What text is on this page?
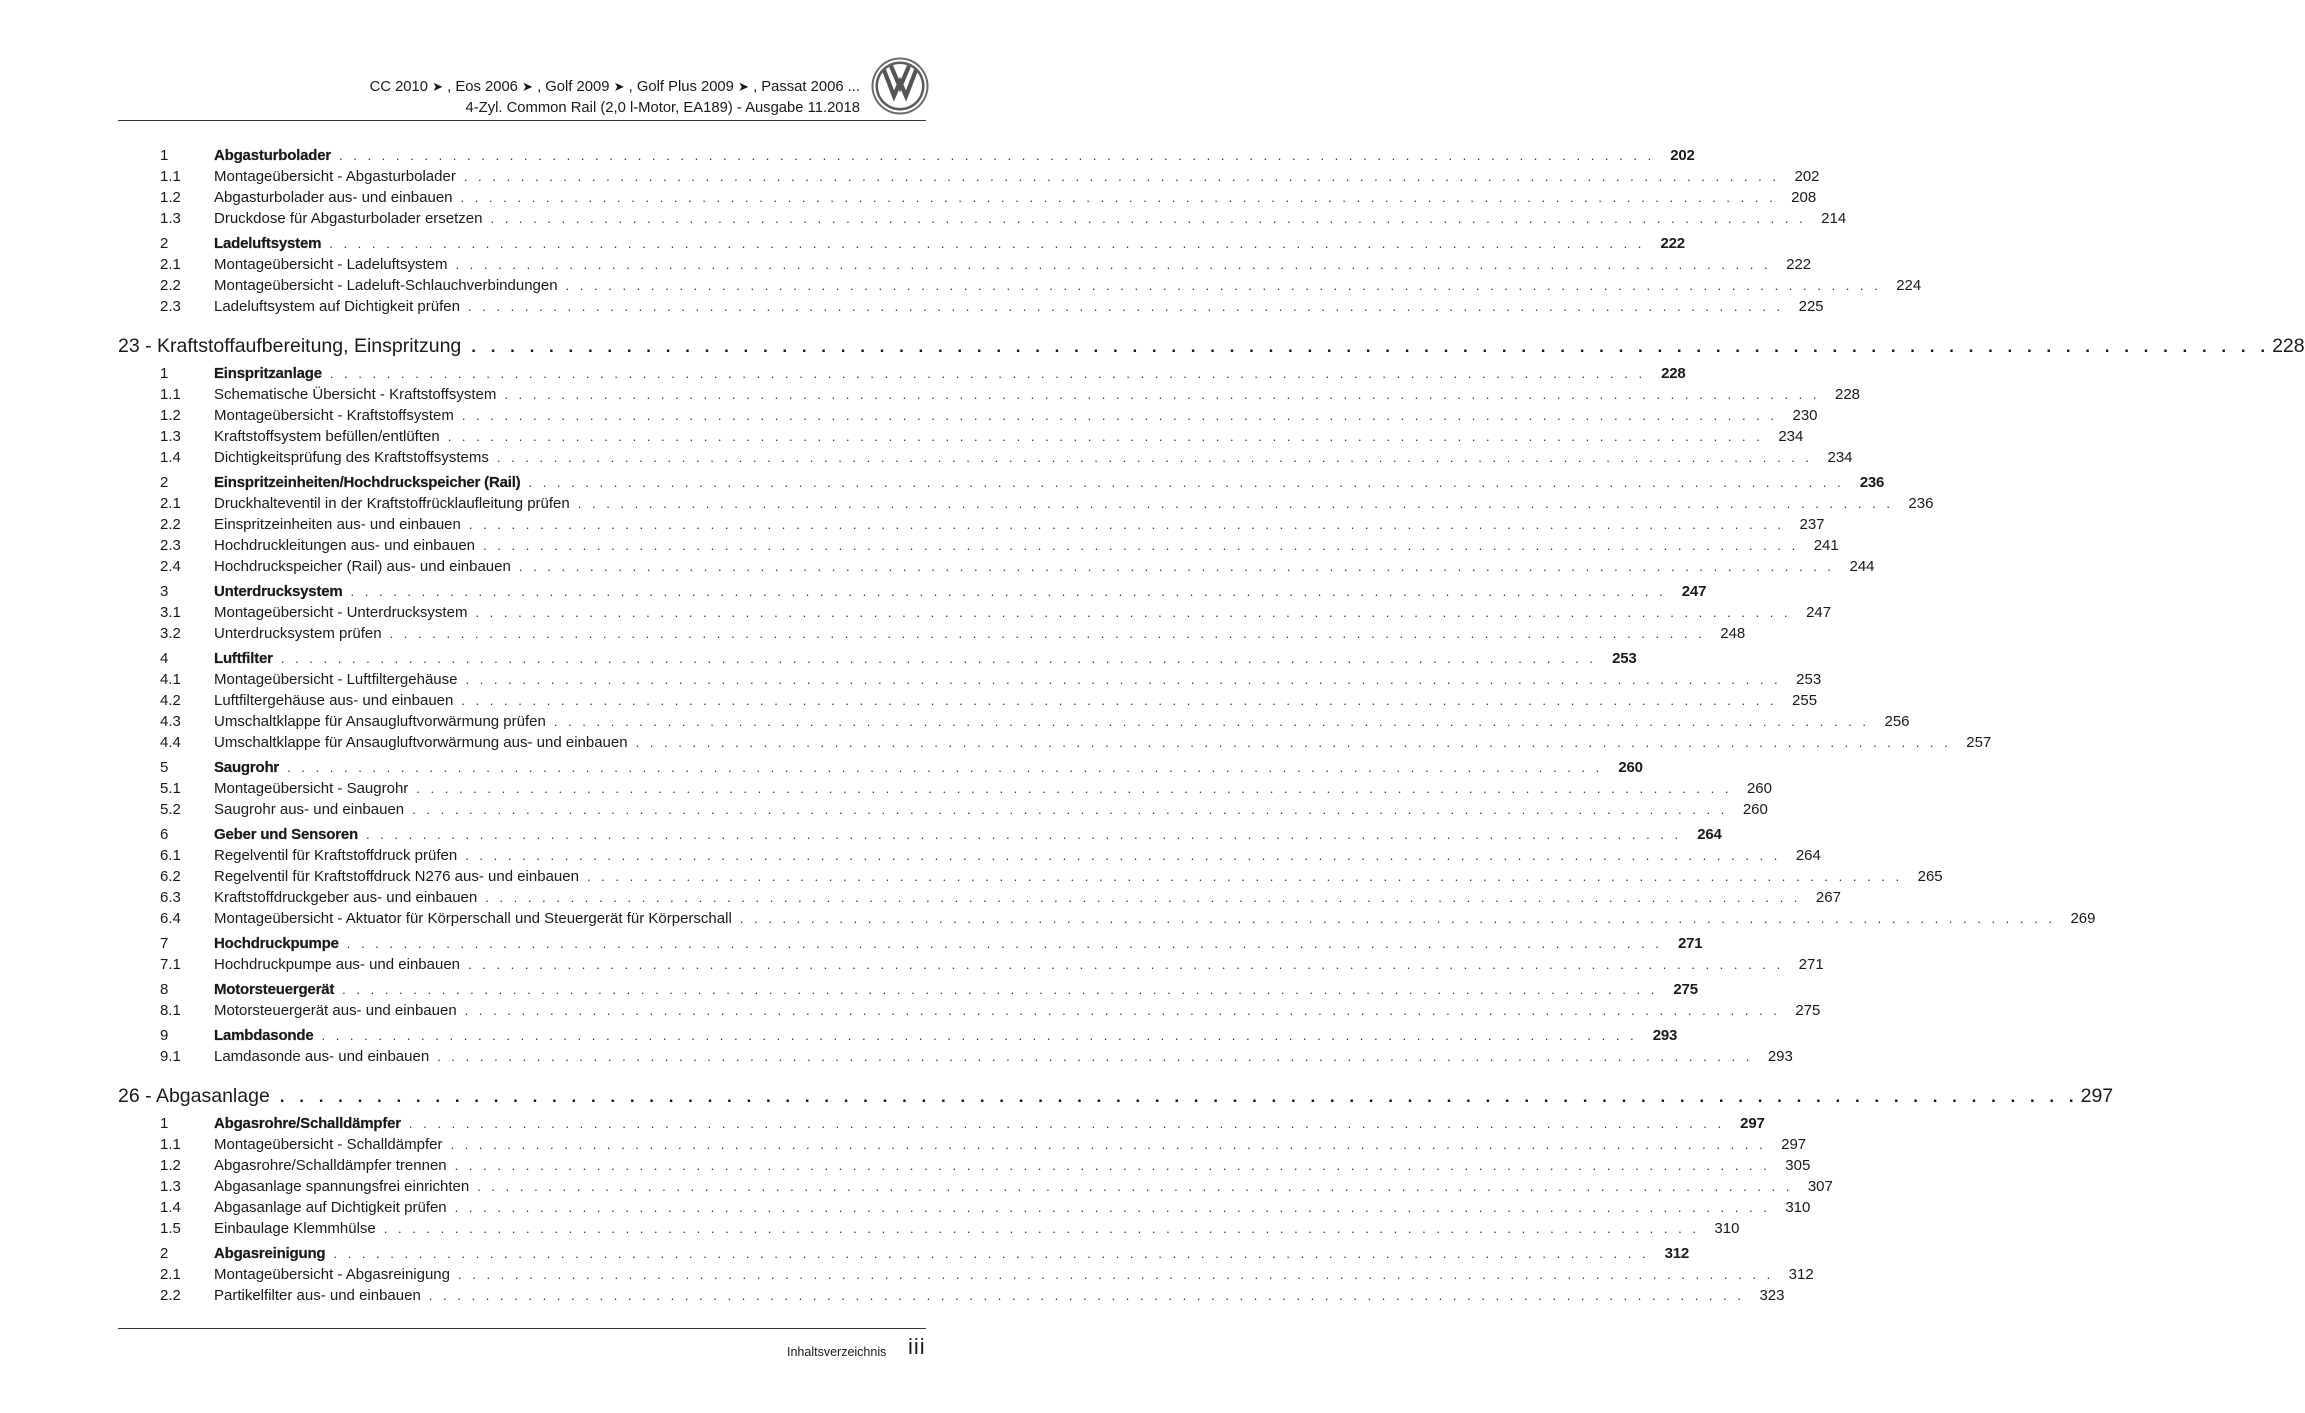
CC 2010 ➤ , Eos 2006 ➤ , Golf 2009 ➤ , Golf Plus 2009 ➤ , Passat 2006 ...
4-Zyl. Common Rail (2,0 l-Motor, EA189) - Ausgabe 11.2018
1	Abgasturbolader . . . . . . . . . . . . . . . . . . . . . . . . . . . . . . . . . . . . . . . . . . . . . . . . . . . . . . . . . . . . . . . . . . . . . . . . . . . . . . . . . . . . . . . . . . . . .	202
1.1	Montageübersicht - Abgasturbolader . . . . . . . . . . . . . . . . . . . . . . . . . . . . . . . . . . . . . . . . . . . . . . . . . . . . . . . . . . . . . . . . . . . . . . . . . . . . . . . . . . . . . . . . . . . . . 202
1.2	Abgasturbolader aus- und einbauen . . . . . . . . . . . . . . . . . . . . . . . . . . . . . . . . . . . . . . . . . . . . . . . . . . . . . . . . . . . . . . . . . . . . . . . . . . . . . . . . . . . . . . . . . . . . . 208
1.3	Druckdose für Abgasturbolader ersetzen . . . . . . . . . . . . . . . . . . . . . . . . . . . . . . . . . . . . . . . . . . . . . . . . . . . . . . . . . . . . . . . . . . . . . . . . . . . . . . . . . . . . . . . . . . . . . 214
2	Ladeluftsystem . . . . . . . . . . . . . . . . . . . . . . . . . . . . . . . . . . . . . . . . . . . . . . . . . . . . . . . . . . . . . . . . . . . . . . . . . . . . . . . . . . . . . . . . . . . . .	222
2.1	Montageübersicht - Ladeluftsystem . . . . . . . . . . . . . . . . . . . . . . . . . . . . . . . . . . . . . . . . . . . . . . . . . . . . . . . . . . . . . . . . . . . . . . . . . . . . . . . . . . . . . . . . . . . . . 222
2.2	Montageübersicht - Ladeluft-Schlauchverbindungen . . . . . . . . . . . . . . . . . . . . . . . . . . . . . . . . . . . . . . . . . . . . . . . . . . . . . . . . . . . . . . . . . . . . . . . . . . . . . . . . . . . . . . . . . . . . . 224
2.3	Ladeluftsystem auf Dichtigkeit prüfen . . . . . . . . . . . . . . . . . . . . . . . . . . . . . . . . . . . . . . . . . . . . . . . . . . . . . . . . . . . . . . . . . . . . . . . . . . . . . . . . . . . . . . . . . . . . . 225
23 - Kraftstoffaufbereitung, Einspritzung . . . . . . . . . . . . . . . . . . . . . . . . . . . . . . . . . . . . . . . . . . . . . . . . . . . . . . . . . . . . . . . . . . . . . . . . . . . . . . . . . . . . . . . . . . . . . 228
1	Einspritzanlage . . . . . . . . . . . . . . . . . . . . . . . . . . . . . . . . . . . . . . . . . . . . . . . . . . . . . . . . . . . . . . . . . . . . . . . . . . . . . . . . . . . . . . . . . . . . .	228
1.1	Schematische Übersicht - Kraftstoffsystem . . . . . . . . . . . . . . . . . . . . . . . . . . . . . . . . . . . . . . . . . . . . . . . . . . . . . . . . . . . . . . . . . . . . . . . . . . . . . . . . . . . . . . . . . . . . . 228
1.2	Montageübersicht - Kraftstoffsystem . . . . . . . . . . . . . . . . . . . . . . . . . . . . . . . . . . . . . . . . . . . . . . . . . . . . . . . . . . . . . . . . . . . . . . . . . . . . . . . . . . . . . . . . . . . . . 230
1.3	Kraftstoffsystem befüllen/entlüften . . . . . . . . . . . . . . . . . . . . . . . . . . . . . . . . . . . . . . . . . . . . . . . . . . . . . . . . . . . . . . . . . . . . . . . . . . . . . . . . . . . . . . . . . . . . . 234
1.4	Dichtigkeitsprüfung des Kraftstoffsystems . . . . . . . . . . . . . . . . . . . . . . . . . . . . . . . . . . . . . . . . . . . . . . . . . . . . . . . . . . . . . . . . . . . . . . . . . . . . . . . . . . . . . . . . . . . . . 234
2	Einspritzeinheiten/Hochdruckspeicher (Rail) . . . . . . . . . . . . . . . . . . . . . . . . . . . . . . . . . . . . . . . . . . . . . . . . . . . . . . . . . . . . . . . . . . . . . . . . . . . . . . . . . . . . . . . . . . . . .	236
2.1	Druckhalteventil in der Kraftstoffrücklaufleitung prüfen . . . . . . . . . . . . . . . . . . . . . . . . . . . . . . . . . . . . . . . . . . . . . . . . . . . . . . . . . . . . . . . . . . . . . . . . . . . . . . . . . . . . . . . . . . . . . 236
2.2	Einspritzeinheiten aus- und einbauen . . . . . . . . . . . . . . . . . . . . . . . . . . . . . . . . . . . . . . . . . . . . . . . . . . . . . . . . . . . . . . . . . . . . . . . . . . . . . . . . . . . . . . . . . . . . . 237
2.3	Hochdruckleitungen aus- und einbauen . . . . . . . . . . . . . . . . . . . . . . . . . . . . . . . . . . . . . . . . . . . . . . . . . . . . . . . . . . . . . . . . . . . . . . . . . . . . . . . . . . . . . . . . . . . . . 241
2.4	Hochdruckspeicher (Rail) aus- und einbauen . . . . . . . . . . . . . . . . . . . . . . . . . . . . . . . . . . . . . . . . . . . . . . . . . . . . . . . . . . . . . . . . . . . . . . . . . . . . . . . . . . . . . . . . . . . . . 244
3	Unterdrucksystem . . . . . . . . . . . . . . . . . . . . . . . . . . . . . . . . . . . . . . . . . . . . . . . . . . . . . . . . . . . . . . . . . . . . . . . . . . . . . . . . . . . . . . . . . . . . .	247
3.1	Montageübersicht - Unterdrucksystem . . . . . . . . . . . . . . . . . . . . . . . . . . . . . . . . . . . . . . . . . . . . . . . . . . . . . . . . . . . . . . . . . . . . . . . . . . . . . . . . . . . . . . . . . . . . . 247
3.2	Unterdrucksystem prüfen . . . . . . . . . . . . . . . . . . . . . . . . . . . . . . . . . . . . . . . . . . . . . . . . . . . . . . . . . . . . . . . . . . . . . . . . . . . . . . . . . . . . . . . . . . . . . 248
4	Luftfilter . . . . . . . . . . . . . . . . . . . . . . . . . . . . . . . . . . . . . . . . . . . . . . . . . . . . . . . . . . . . . . . . . . . . . . . . . . . . . . . . . . . . . . . . . . . . .	253
4.1	Montageübersicht - Luftfiltergehäuse . . . . . . . . . . . . . . . . . . . . . . . . . . . . . . . . . . . . . . . . . . . . . . . . . . . . . . . . . . . . . . . . . . . . . . . . . . . . . . . . . . . . . . . . . . . . . 253
4.2	Luftfiltergehäuse aus- und einbauen . . . . . . . . . . . . . . . . . . . . . . . . . . . . . . . . . . . . . . . . . . . . . . . . . . . . . . . . . . . . . . . . . . . . . . . . . . . . . . . . . . . . . . . . . . . . . 255
4.3	Umschaltklappe für Ansaugluftvorwärmung prüfen . . . . . . . . . . . . . . . . . . . . . . . . . . . . . . . . . . . . . . . . . . . . . . . . . . . . . . . . . . . . . . . . . . . . . . . . . . . . . . . . . . . . . . . . . . . . . 256
4.4	Umschaltklappe für Ansaugluftvorwärmung aus- und einbauen . . . . . . . . . . . . . . . . . . . . . . . . . . . . . . . . . . . . . . . . . . . . . . . . . . . . . . . . . . . . . . . . . . . . . . . . . . . . . . . . . . . . . . . . . . . . . 257
5	Saugrohr . . . . . . . . . . . . . . . . . . . . . . . . . . . . . . . . . . . . . . . . . . . . . . . . . . . . . . . . . . . . . . . . . . . . . . . . . . . . . . . . . . . . . . . . . . . . .	260
5.1	Montageübersicht - Saugrohr . . . . . . . . . . . . . . . . . . . . . . . . . . . . . . . . . . . . . . . . . . . . . . . . . . . . . . . . . . . . . . . . . . . . . . . . . . . . . . . . . . . . . . . . . . . . . 260
5.2	Saugrohr aus- und einbauen . . . . . . . . . . . . . . . . . . . . . . . . . . . . . . . . . . . . . . . . . . . . . . . . . . . . . . . . . . . . . . . . . . . . . . . . . . . . . . . . . . . . . . . . . . . . . 260
6	Geber und Sensoren . . . . . . . . . . . . . . . . . . . . . . . . . . . . . . . . . . . . . . . . . . . . . . . . . . . . . . . . . . . . . . . . . . . . . . . . . . . . . . . . . . . . . . . . . . . . .	264
6.1	Regelventil für Kraftstoffdruck prüfen . . . . . . . . . . . . . . . . . . . . . . . . . . . . . . . . . . . . . . . . . . . . . . . . . . . . . . . . . . . . . . . . . . . . . . . . . . . . . . . . . . . . . . . . . . . . . 264
6.2	Regelventil für Kraftstoffdruck N276 aus- und einbauen . . . . . . . . . . . . . . . . . . . . . . . . . . . . . . . . . . . . . . . . . . . . . . . . . . . . . . . . . . . . . . . . . . . . . . . . . . . . . . . . . . . . . . . . . . . . . 265
6.3	Kraftstoffdruckgeber aus- und einbauen . . . . . . . . . . . . . . . . . . . . . . . . . . . . . . . . . . . . . . . . . . . . . . . . . . . . . . . . . . . . . . . . . . . . . . . . . . . . . . . . . . . . . . . . . . . . . 267
6.4	Montageübersicht - Aktuator für Körperschall und Steuergerät für Körperschall . . . . . . . . . . . . . . . . . . . . . . . . . . . . . . . . . . . . . . . . . . . . . . . . . . . . . . . . . . . . . . . . . . . . . . . . . . . . . . . . . . . . . . . . . . . . . 269
7	Hochdruckpumpe . . . . . . . . . . . . . . . . . . . . . . . . . . . . . . . . . . . . . . . . . . . . . . . . . . . . . . . . . . . . . . . . . . . . . . . . . . . . . . . . . . . . . . . . . . . . .	271
7.1	Hochdruckpumpe aus- und einbauen . . . . . . . . . . . . . . . . . . . . . . . . . . . . . . . . . . . . . . . . . . . . . . . . . . . . . . . . . . . . . . . . . . . . . . . . . . . . . . . . . . . . . . . . . . . . . 271
8	Motorsteuergerät . . . . . . . . . . . . . . . . . . . . . . . . . . . . . . . . . . . . . . . . . . . . . . . . . . . . . . . . . . . . . . . . . . . . . . . . . . . . . . . . . . . . . . . . . . . . .	275
8.1	Motorsteuergerät aus- und einbauen . . . . . . . . . . . . . . . . . . . . . . . . . . . . . . . . . . . . . . . . . . . . . . . . . . . . . . . . . . . . . . . . . . . . . . . . . . . . . . . . . . . . . . . . . . . . . 275
9	Lambdasonde . . . . . . . . . . . . . . . . . . . . . . . . . . . . . . . . . . . . . . . . . . . . . . . . . . . . . . . . . . . . . . . . . . . . . . . . . . . . . . . . . . . . . . . . . . . . .	293
9.1	Lamdasonde aus- und einbauen . . . . . . . . . . . . . . . . . . . . . . . . . . . . . . . . . . . . . . . . . . . . . . . . . . . . . . . . . . . . . . . . . . . . . . . . . . . . . . . . . . . . . . . . . . . . . 293
26 - Abgasanlage . . . . . . . . . . . . . . . . . . . . . . . . . . . . . . . . . . . . . . . . . . . . . . . . . . . . . . . . . . . . . . . . . . . . . . . . . . . . . . . . . . . . . . . . . . . . . 297
1	Abgasrohre/Schalldämpfer . . . . . . . . . . . . . . . . . . . . . . . . . . . . . . . . . . . . . . . . . . . . . . . . . . . . . . . . . . . . . . . . . . . . . . . . . . . . . . . . . . . . . . . . . . . . .	297
1.1	Montageübersicht - Schalldämpfer . . . . . . . . . . . . . . . . . . . . . . . . . . . . . . . . . . . . . . . . . . . . . . . . . . . . . . . . . . . . . . . . . . . . . . . . . . . . . . . . . . . . . . . . . . . . . 297
1.2	Abgasrohre/Schalldämpfer trennen . . . . . . . . . . . . . . . . . . . . . . . . . . . . . . . . . . . . . . . . . . . . . . . . . . . . . . . . . . . . . . . . . . . . . . . . . . . . . . . . . . . . . . . . . . . . . 305
1.3	Abgasanlage spannungsfrei einrichten . . . . . . . . . . . . . . . . . . . . . . . . . . . . . . . . . . . . . . . . . . . . . . . . . . . . . . . . . . . . . . . . . . . . . . . . . . . . . . . . . . . . . . . . . . . . . 307
1.4	Abgasanlage auf Dichtigkeit prüfen . . . . . . . . . . . . . . . . . . . . . . . . . . . . . . . . . . . . . . . . . . . . . . . . . . . . . . . . . . . . . . . . . . . . . . . . . . . . . . . . . . . . . . . . . . . . . 310
1.5	Einbaulage Klemmhülse . . . . . . . . . . . . . . . . . . . . . . . . . . . . . . . . . . . . . . . . . . . . . . . . . . . . . . . . . . . . . . . . . . . . . . . . . . . . . . . . . . . . . . . . . . . . . 310
2	Abgasreinigung . . . . . . . . . . . . . . . . . . . . . . . . . . . . . . . . . . . . . . . . . . . . . . . . . . . . . . . . . . . . . . . . . . . . . . . . . . . . . . . . . . . . . . . . . . . . .	312
2.1	Montageübersicht - Abgasreinigung . . . . . . . . . . . . . . . . . . . . . . . . . . . . . . . . . . . . . . . . . . . . . . . . . . . . . . . . . . . . . . . . . . . . . . . . . . . . . . . . . . . . . . . . . . . . . 312
2.2	Partikelfilter aus- und einbauen . . . . . . . . . . . . . . . . . . . . . . . . . . . . . . . . . . . . . . . . . . . . . . . . . . . . . . . . . . . . . . . . . . . . . . . . . . . . . . . . . . . . . . . . . . . . . 323
Inhaltsverzeichnis iii
